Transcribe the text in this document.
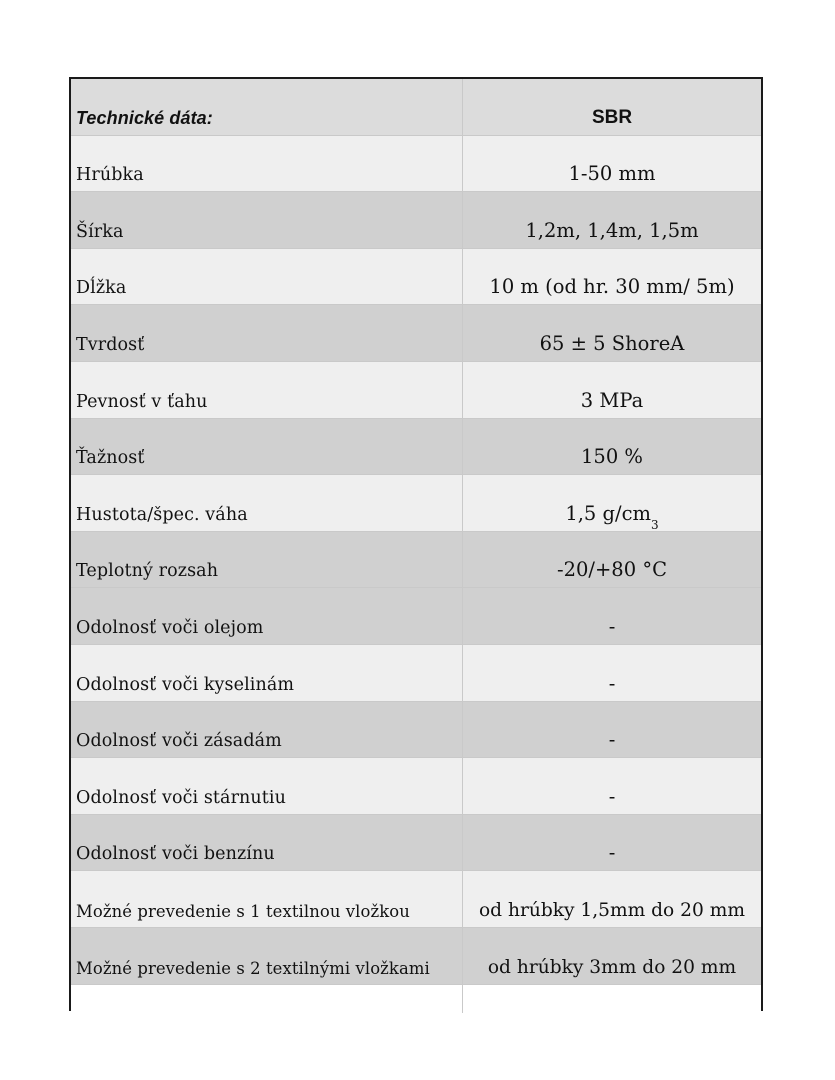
Technické dáta:	SBR
Hrúbka	1-50 mm
Šírka	1,2m, 1,4m, 1,5m
Dĺžka	10 m (od hr. 30 mm/ 5m)
Tvrdosť	65 ± 5 ShoreA
Pevnosť v ťahu	3 MPa
Ťažnosť	150 %
Hustota/špec. váha	1,5 g/cm 3
Teplotný rozsah	-20/+80 °C
Odolnosť voči olejom	-
Odolnosť voči kyselinám	-
Odolnosť voči zásadám	-
Odolnosť voči stárnutiu	-
Odolnosť voči benzínu	-
Možné prevedenie s 1 textilnou vložkou	od hrúbky 1,5mm do 20 mm
Možné prevedenie s 2 textilnými vložkami	od hrúbky 3mm do 20 mm
